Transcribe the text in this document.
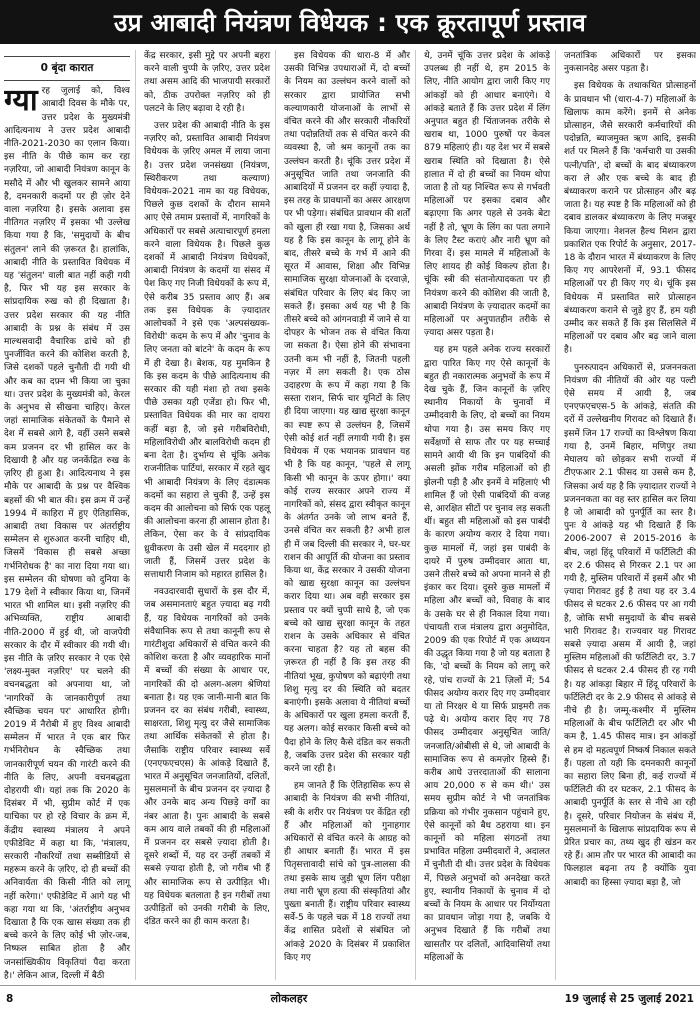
उप्र आबादी नियंत्रण विधेयक : एक क्रूरतापूर्ण प्रस्ताव
0 बृंदा कारात

ग्या रह जुलाई को, विश्व आबादी दिवस के मौके पर, उत्तर प्रदेश के मुख्यमंत्री आदित्यनाथ ने उत्तर प्रदेश आबादी नीति-2021-2030 का एलान किया। इस नीति के पीछे काम कर रहा नज़रिया, जो आबादी नियंत्रण कानून के मसौदे में और भी खुलकर सामने आया है, दमनकारी कदमों पर ही ज़ोर देने वाला नज़रिया है। इसके अलावा इस नीतिगत नज़रिए में इसका भी उल्लेख किया गया है कि, 'समुदायों के बीच संतुलन' लाने की ज़रूरत है। हालांकि, आबादी नीति के प्रस्तावित विधेयक में यह 'संतुलन' वाली बात नहीं कही गयी है, फिर भी यह इस सरकार के सांप्रदायिक रुख को ही दिखाता है। उत्तर प्रदेश सरकार की यह नीति आबादी के प्रश्न के संबंध में उस माल्थसवादी वैचारिक ढांचे को ही पुनर्जीवित करने की कोशिश करती है, जिसे दशकों पहले चुनौती दी गयी थी और कब का दफ़्न भी किया जा चुका था। उत्तर प्रदेश के मुख्यमंत्री को, केरल के अनुभव से सीखना चाहिए। केरल जहां सामाजिक संकेतकों के पैमाने से देश में सबसे आगे है, वहीं उसने सबसे कम प्रजनन दर भी हासिल कर के दिखायी है और यह जनकेंद्रित रुख के ज़रिए ही हुआ है। आदित्यनाथ ने इस मौके पर आबादी के प्रश्न पर वैश्विक बहसों की भी बात की। इस क्रम में उन्हें 1994 में काहिरा में हुए ऐतिहासिक, आबादी तथा विकास पर अंतर्राष्ट्रीय सम्मेलन से शुरुआत करनी चाहिए थी, जिसमें 'विकास ही सबसे अच्छा गर्भनिरोधक है' का नारा दिया गया था। इस सम्मेलन की घोषणा को दुनिया के 179 देशों ने स्वीकार किया था, जिनमें भारत भी शामिल था। इसी नज़रिए की अभिव्यक्ति, राष्ट्रीय आबादी नीति-2000 में हुई थी, जो वाजपेयी सरकार के दौर में स्वीकार की गयी थी। इस नीति के ज़रिए सरकार ने एक ऐसे 'लक्ष्य-मुक्त नज़रिए' पर चलने की वचनबद्धता को अपनाया था, जो 'नागरिकों के जानकारीपूर्ण तथा स्वैच्छिक चयन पर' आधारित होगी। 2019 में नैरोबी में हुए विश्व आबादी सम्मेलन में भारत ने एक बार फिर गर्भनिरोधन के स्वैच्छिक तथा जानकारीपूर्ण चयन की गारंटी करने की नीति के लिए, अपनी वचनबद्धता दोहरायी थी। यहां तक कि 2020 के दिसंबर में भी, सुप्रीम कोर्ट में एक याचिका पर हो रहे विचार के क्रम में, केंद्रीय स्वास्थ्य मंत्रालय ने अपने एफीडेविट में कहा था कि, 'मंत्रालय, सरकारी नौकरियों तथा सब्सीडियों से महरूम करने के ज़रिए, दो ही बच्चों की अनिवार्यता की किसी नीति को लागू नहीं करेगा।' एफीडेविट में आगे यह भी कहा गया था कि, 'अंतर्राष्ट्रीय अनुभव दिखाता है कि एक खास संख्या तक ही बच्चे करने के लिए कोई भी ज़ोर-जब, निष्फल साबित होता है और जनसांख्यिकीय विकृतियां पैदा करता है।' लेकिन आज, दिल्ली में बैठी

केंद्र सरकार, इसी मुद्दे पर अपनी बहरा करने वाली चुप्पी के ज़रिए, उत्तर प्रदेश तथा असम आदि की भाजपायी सरकारों को, ठीक उपरोक्त नज़रिए को ही पलटने के लिए बढ़ावा दे रही है।

उत्तर प्रदेश की आबादी नीति के इस नज़रिए को, प्रस्तावित आबादी नियंत्रण विधेयक के ज़रिए अमल में लाया जाना है। उत्तर प्रदेश जनसंख्या (नियंत्रण, स्थिरीकरण तथा कल्याण) विधेयक-2021 नाम का यह विधेयक, पिछले कुछ दशकों के दौरान सामने आए ऐसे तमाम प्रस्तावों में, नागरिकों के अधिकारों पर सबसे अत्याचारपूर्ण हमला करने वाला विधेयक है। पिछले कुछ दशकों में आबादी नियंत्रण विधेयकों, आबादी नियंत्रण के कदमों या संसद में पेश किए गए निजी विधेयकों के रूप में, ऐसे करीब 35 प्रस्ताव आए हैं। अब तक इस विधेयक के ज़्यादातर आलोचकों ने इसे एक 'अल्पसंख्यक-विरोधी' कदम के रूप में और 'चुनाव के लिए जनता को बांटने' के कदम के रूप में ही देखा है। बेशक, यह मुमकिन है कि इस कदम के पीछे आदित्यनाथ की सरकार की यही मंशा हो तथा इसके पीछे उसका यही एजेंडा हो। फिर भी, प्रस्तावित विधेयक की मार का दायरा कहीं बड़ा है, जो इसे गरीबविरोधी, महिलाविरोधी और बालविरोधी कदम ही बना देता है। दुर्भाग्य से चूंकि अनेक राजनीतिक पार्टियां, सरकार में रहते खुद भी आबादी नियंत्रण के लिए दंडात्मक कदमों का सहारा ले चुकी हैं, उन्हें इस कदम की आलोचना को सिर्फ एक पहलू की आलोचना करना ही आसान होता है। लेकिन, ऐसा कर के वे सांप्रदायिक ध्रुवीकरण के उसी खेल में मददगार हो जाती हैं, जिसमें उत्तर प्रदेश के सत्ताधारी निजाम को महारत हासिल है।

नवउदारवादी सुधारों के इस दौर में, जब असमानताएं बहुत ज़्यादा बढ़ गयी हैं, यह विधेयक नागरिकों को उनके संवैधानिक रूप से तथा कानूनी रूप से गारंटीशुदा अधिकारों से वंचित करने की कोशिश करता है और व्यवहारिक मानों में बच्चों की संख्या के आधार पर, नागरिकों की दो अलग-अलग श्रेणियां बनाता है। यह एक जानी-मानी बात कि प्रजनन दर का संबंध गरीबी, स्वास्थ्य, साक्षरता, शिशु मृत्यु दर जैसे सामाजिक तथा आर्थिक संकेतकों से होता है। जैसाकि राष्ट्रीय परिवार स्वास्थ्य सर्वे (एनएफएचएस) के आंकड़े दिखाते हैं, भारत में अनुसूचित जनजातियों, दलितों, मुसलमानों के बीच प्रजनन दर ज़्यादा है और उनके बाद अन्य पिछड़े वर्गों का नंबर आता है। पुनः आबादी के सबसे कम आय वाले तबकों की ही महिलाओं में प्रजनन दर सबसे ज़्यादा होती है। दूसरे शब्दों में, यह दर उन्हीं तबकों में सबसे ज़्यादा होती है, जो गरीब भी हैं और सामाजिक रूप से उत्पीड़ित भी। यह विधेयक बतलाता है इन गरीबों तथा उत्पीड़ितों को उनकी गरीबी के लिए, दंडित करने का ही काम करता है।

इस विधेयक की धारा-8 में और उसकी विभिन्न उपधाराओं में, दो बच्चों के नियम का उल्लंघन करने वालों को सरकार द्वारा प्रायोजित सभी कल्याणकारी योजनाओं के लाभों से वंचित करने की और सरकारी नौकरियों तथा पदोन्नतियों तक से वंचित करने की व्यवस्था है, जो श्रम कानूनों तक का उल्लंघन करती है। चूंकि उत्तर प्रदेश में अनुसूचित जाति तथा जनजाति की आबादियों में प्रजनन दर कहीं ज़्यादा है, इस तरह के प्रावधानों का असर आरक्षण पर भी पड़ेगा। संबंधित प्रावधान की शर्तों को खुला ही रखा गया है, जिसका अर्थ यह है कि इस कानून के लागू होने के बाद, तीसरे बच्चे के गर्भ में आने की सूरत में आवास, शिक्षा और विभिन्न सामाजिक सुरक्षा योजनाओं के दरवाज़े, संबंधित परिवार के लिए बंद किए जा सकते हैं। इसका अर्थ यह भी है कि तीसरे बच्चे को आंगनवाड़ी में जाने से या दोपहर के भोजन तक से वंचित किया जा सकता है। ऐसा होने की संभावना उतनी कम भी नहीं है, जितनी पहली नज़र में लग सकती है। एक ठोस उदाहरण के रूप में कहा गया है कि सस्ता राशन, सिर्फ चार यूनिटों के लिए ही दिया जाएगा। यह खाद्य सुरक्षा कानून का स्पष्ट रूप से उल्लंघन है, जिसमें ऐसी कोई शर्त नहीं लगायी गयी है। इस विधेयक में एक भयानक प्रावधान यह भी है कि यह कानून, 'पहले से लागू किसी भी कानून के ऊपर होगा।' क्या कोई राज्य सरकार अपने राज्य में नागरिकों को, संसद द्वारा स्वीकृत कानून के अंतर्गत उनके जो लाभ बनते हैं, उनसे वंचित कर सकती है? अभी हाल ही में जब दिल्ली की सरकार ने, घर-घर राशन की आपूर्ति की योजना का प्रस्ताव किया था, केंद्र सरकार ने उसकी योजना को खाद्य सुरक्षा कानून का उल्लंघन करार दिया था। अब वही सरकार इस प्रस्ताव पर क्यों चुप्पी साधे है, जो एक बच्चे को खाद्य सुरक्षा कानून के तहत राशन के उसके अधिकार से वंचित करना चाहता है? यह तो बहस की ज़रूरत ही नहीं है कि इस तरह की नीतियां भूख, कुपोषण को बढ़ाएंगी तथा शिशु मृत्यु दर की स्थिति को बदतर बनाएंगी। इसके अलावा ये नीतियां बच्चों के अधिकारों पर खुला हमला करती हैं, यह अलग। कोई सरकार किसी बच्चे को पैदा होने के लिए कैसे दंडित कर सकती है, जबकि उत्तर प्रदेश की सरकार यही करने जा रही है।

हम जानते हैं कि ऐतिहासिक रूप से आबादी के नियंत्रण की सभी नीतियां, स्त्री के शरीर पर नियंत्रण पर केंद्रित रही हैं और महिलाओं को गुनाहगार अधिकारों से वंचित करने के आग्रह को ही आधार बनाती हैं। भारत में इस पितृसत्तावादी सांचे को पुत्र-लालसा की तथा इसके साथ जुड़ी भ्रूण लिंग परीक्षा तथा नारी भ्रूण हत्या की संस्कृतियां और पुख्ता बनाती हैं। राष्ट्रीय परिवार स्वास्थ्य सर्वे-5 के पहले चक्र में 18 राज्यों तथा केंद्र शासित प्रदेशों से संबंधित जो आंकड़े 2020 के दिसंबर में प्रकाशित किए गए

थे, उनमें चूंकि उत्तर प्रदेश के आंकड़े उपलब्ध ही नहीं थे, हम 2015 के लिए, नीति आयोग द्वारा जारी किए गए आंकड़ों को ही आधार बनाएंगे। ये आंकड़े बताते हैं कि उत्तर प्रदेश में लिंग अनुपात बहुत ही चिंताजनक तरीके से खराब था, 1000 पुरुषों पर केवल 879 महिलाएं ही। यह देश भर में सबसे खराब स्थिति को दिखाता है। ऐसे हालात में दो ही बच्चों का नियम थोपा जाता है तो यह निश्चित रूप से गर्भवती महिलाओं पर इसका दबाव और बढ़ाएगा कि अगर पहले से उनके बेटा नहीं है तो, भ्रूण के लिंग का पता लगाने के लिए टैस्ट कराएं और नारी भ्रूण को गिरवा दें। इस मामले में महिलाओं के लिए शायद ही कोई विकल्प होता है। चूंकि स्त्री की संतानोत्पादकता पर ही नियंत्रण करने की कोशिश की जाती है, आबादी नियंत्रण के ज़्यादातर कदमों का महिलाओं पर अनुपातहीन तरीके से ज़्यादा असर पड़ता है।

यह हम पहले अनेक राज्य सरकारों द्वारा पारित किए गए ऐसे कानूनों के बहुत ही नकारात्मक अनुभवों के रूप में देख चुके हैं, जिन कानूनों के ज़रिए स्थानीय निकायों के चुनावों में उम्मीदवारी के लिए, दो बच्चों का नियम थोपा गया है। उस समय किए गए सर्वेक्षणों से साफ तौर पर यह सच्चाई सामने आयी थी कि इन पाबंदियों की असली झोंक गरीब महिलाओं को ही झेलनी पड़ी है और इनमें वे महिलाएं भी शामिल हैं जो ऐसी पाबंदियों की वजह से, आरक्षित सीटों पर चुनाव लड़ सकती थीं। बहुत सी महिलाओं को इस पाबंदी के कारण अयोग्य करार दे दिया गया। कुछ मामलों में, जहां इस पाबंदी के दायरे में पुरुष उम्मीदवार आता था, उसने तीसरे बच्चे को अपना मानने से ही इंकार कर दिया। दूसरे कुछ मामलों में महिला और बच्चों को, विवाह के बाद के उसके घर से ही निकाल दिया गया। पंचायती राज मंत्रालय द्वारा अनुमोदित, 2009 की एक रिपोर्ट में एक अध्ययन की उद्धृत किया गया है जो यह बताता है कि, 'दो बच्चों के नियम को लागू करे रहे, पांच राज्यों के 21 ज़िलों में; 54 फीसद अयोग्य करार दिए गए उम्मीदवार या तो निरक्षर थे या सिर्फ प्राइमरी तक पढ़े थे। अयोग्य करार दिए गए 78 फीसद उम्मीदवार अनुसूचित जाति/ जनजाति/ओबीसी से थे, जो आबादी के सामाजिक रूप से कमज़ोर हिस्से हैं। करीब आधे उत्तरदाताओं की सालाना आय 20,000 रु से कम थी।' उस समय सुप्रीम कोर्ट ने भी जनतांत्रिक प्रक्रिया को गंभीर नुकसान पहुंचाने हुए, ऐसे कानूनों को बैध ठहराया था। इन कानूनों को महिला संगठनों तथा प्रभावित महिला उम्मीदवारों ने, अदालत में चुनौती दी थी। उत्तर प्रदेश के विधेयक में, पिछले अनुभवों को अनदेखा करते हुए, स्थानीय निकायों के चुनाव में दो बच्चों के नियम के आधार पर निर्योग्यता का प्रावधान जोड़ा गया है, जबकि ये अनुभव दिखाते हैं कि गरीबों तथा खासतौर पर दलितों, आदिवासियों तथा महिलाओं के

जनतांत्रिक अधिकारों पर इसका नुकसानदेह असर पड़ता है।

इस विधेयक के तथाकथित प्रोत्साहनों के प्रावधान भी (धारा-4-7) महिलाओं के खिलाफ काम करेंगे। इनमें से अनेक प्रोत्साहन, जैसे सरकारी कर्मचारियों की पदोन्नति, ब्याजमुक्त ऋण आदि, इसकी शर्त पर मिलने हैं कि 'कर्मचारी या उसकी पत्नी/पति', दो बच्चों के बाद बंध्याकरण करा ले और एक बच्चे के बाद ही बंध्याकरण कराने पर प्रोत्साहन और बढ़ जाता है। यह स्पष्ट है कि महिलाओं को ही दबाव डालकर बंध्याकरण के लिए मजबूर किया जाएगा। नेशनल हैल्थ मिशन द्वारा प्रकाशित एक रिपोर्ट के अनुसार, 2017-18 के दौरान भारत में बंध्याकरण के लिए किए गए आपरेशनों में, 93.1 फीसद महिलाओं पर ही किए गए थे। चूंकि इस विधेयक में प्रस्तावित सारे प्रोत्साहन बंध्याकरण कराने से जुड़े हुए हैं, हम यही उम्मीद कर सकते हैं कि इस सिलसिले में महिलाओं पर दबाव और बढ़ जाने वाला है।

पुनरुत्पादन अधिकारों से, प्रजननकता नियंत्रण की नीतियों की ओर यह पल्टी ऐसे समय में आयी है, जब एनएफएचएस-5 के आंकड़े, संतति की दरों में उल्लेखनीय गिरावट को दिखाते हैं। इसमें जिन 17 राज्यों का विश्लेषण किया गया है, उनमें बिहार, मणिपुर तथा मेघालय को छोड़कर सभी राज्यों में टीएफआर 2.1 फीसद या उससे कम है, जिसका अर्थ यह है कि ज़्यादातर राज्यों ने प्रजननकता का वह स्तर हासिल कर लिया है जो आबादी को पुनर्पूर्ति का स्तर है। पुनः ये आंकड़े यह भी दिखाते हैं कि 2006-2007 से 2015-2016 के बीच, जहां हिंदू परिवारों में फर्टिलिटी की दर 2.6 फीसद से गिरकर 2.1 पर आ गयी है, मुस्लिम परिवारों में इसमें और भी ज़्यादा गिरावट हुई है तथा यह दर 3.4 फीसद से घटकर 2.6 फीसद पर आ गयी है, जोकि सभी समुदायों के बीच सबसे भारी गिरावट है। राज्यवार यह गिरावट सबसे ज़्यादा असम में आयी है, जहां मुस्लिम महिलाओं की फर्टिलिटी दर, 3.7 फीसद से घटकर 2.4 फीसद ही रह गयी है। यह आंकड़ा बिहार में हिंदू परिवारों के फर्टिलिटी दर के 2.9 फीसद से आंकड़े से नीचे ही है। जम्मू-कश्मीर में मुस्लिम महिलाओं के बीच फर्टिलिटी दर और भी कम है, 1.45 फीसद मात्र। इन आंकड़ों से हम दो महत्वपूर्ण निष्कर्ष निकाल सकते हैं। पहला तो यही कि दमनकारी कानूनों का सहारा लिए बिना ही, कई राज्यों में फर्टिलिटी की दर घटकर, 2.1 फीसद के आबादी पुनर्पूर्ति के स्तर से नीचे आ रही है। दूसरे, परिवार नियोजन के संबंध में, मुसलमानों के खिलाफ सांप्रदायिक रूप से प्रेरित प्रचार का, तथ्य खुद ही खंडन कर रहे हैं। आम तौर पर भारत की आबादी का फिलहाल बढ़ना तय है क्योंकि युवा आबादी का हिस्सा ज़्यादा बड़ा है, जो

8	लोकलहर	19 जुलाई से 25 जुलाई 2021
